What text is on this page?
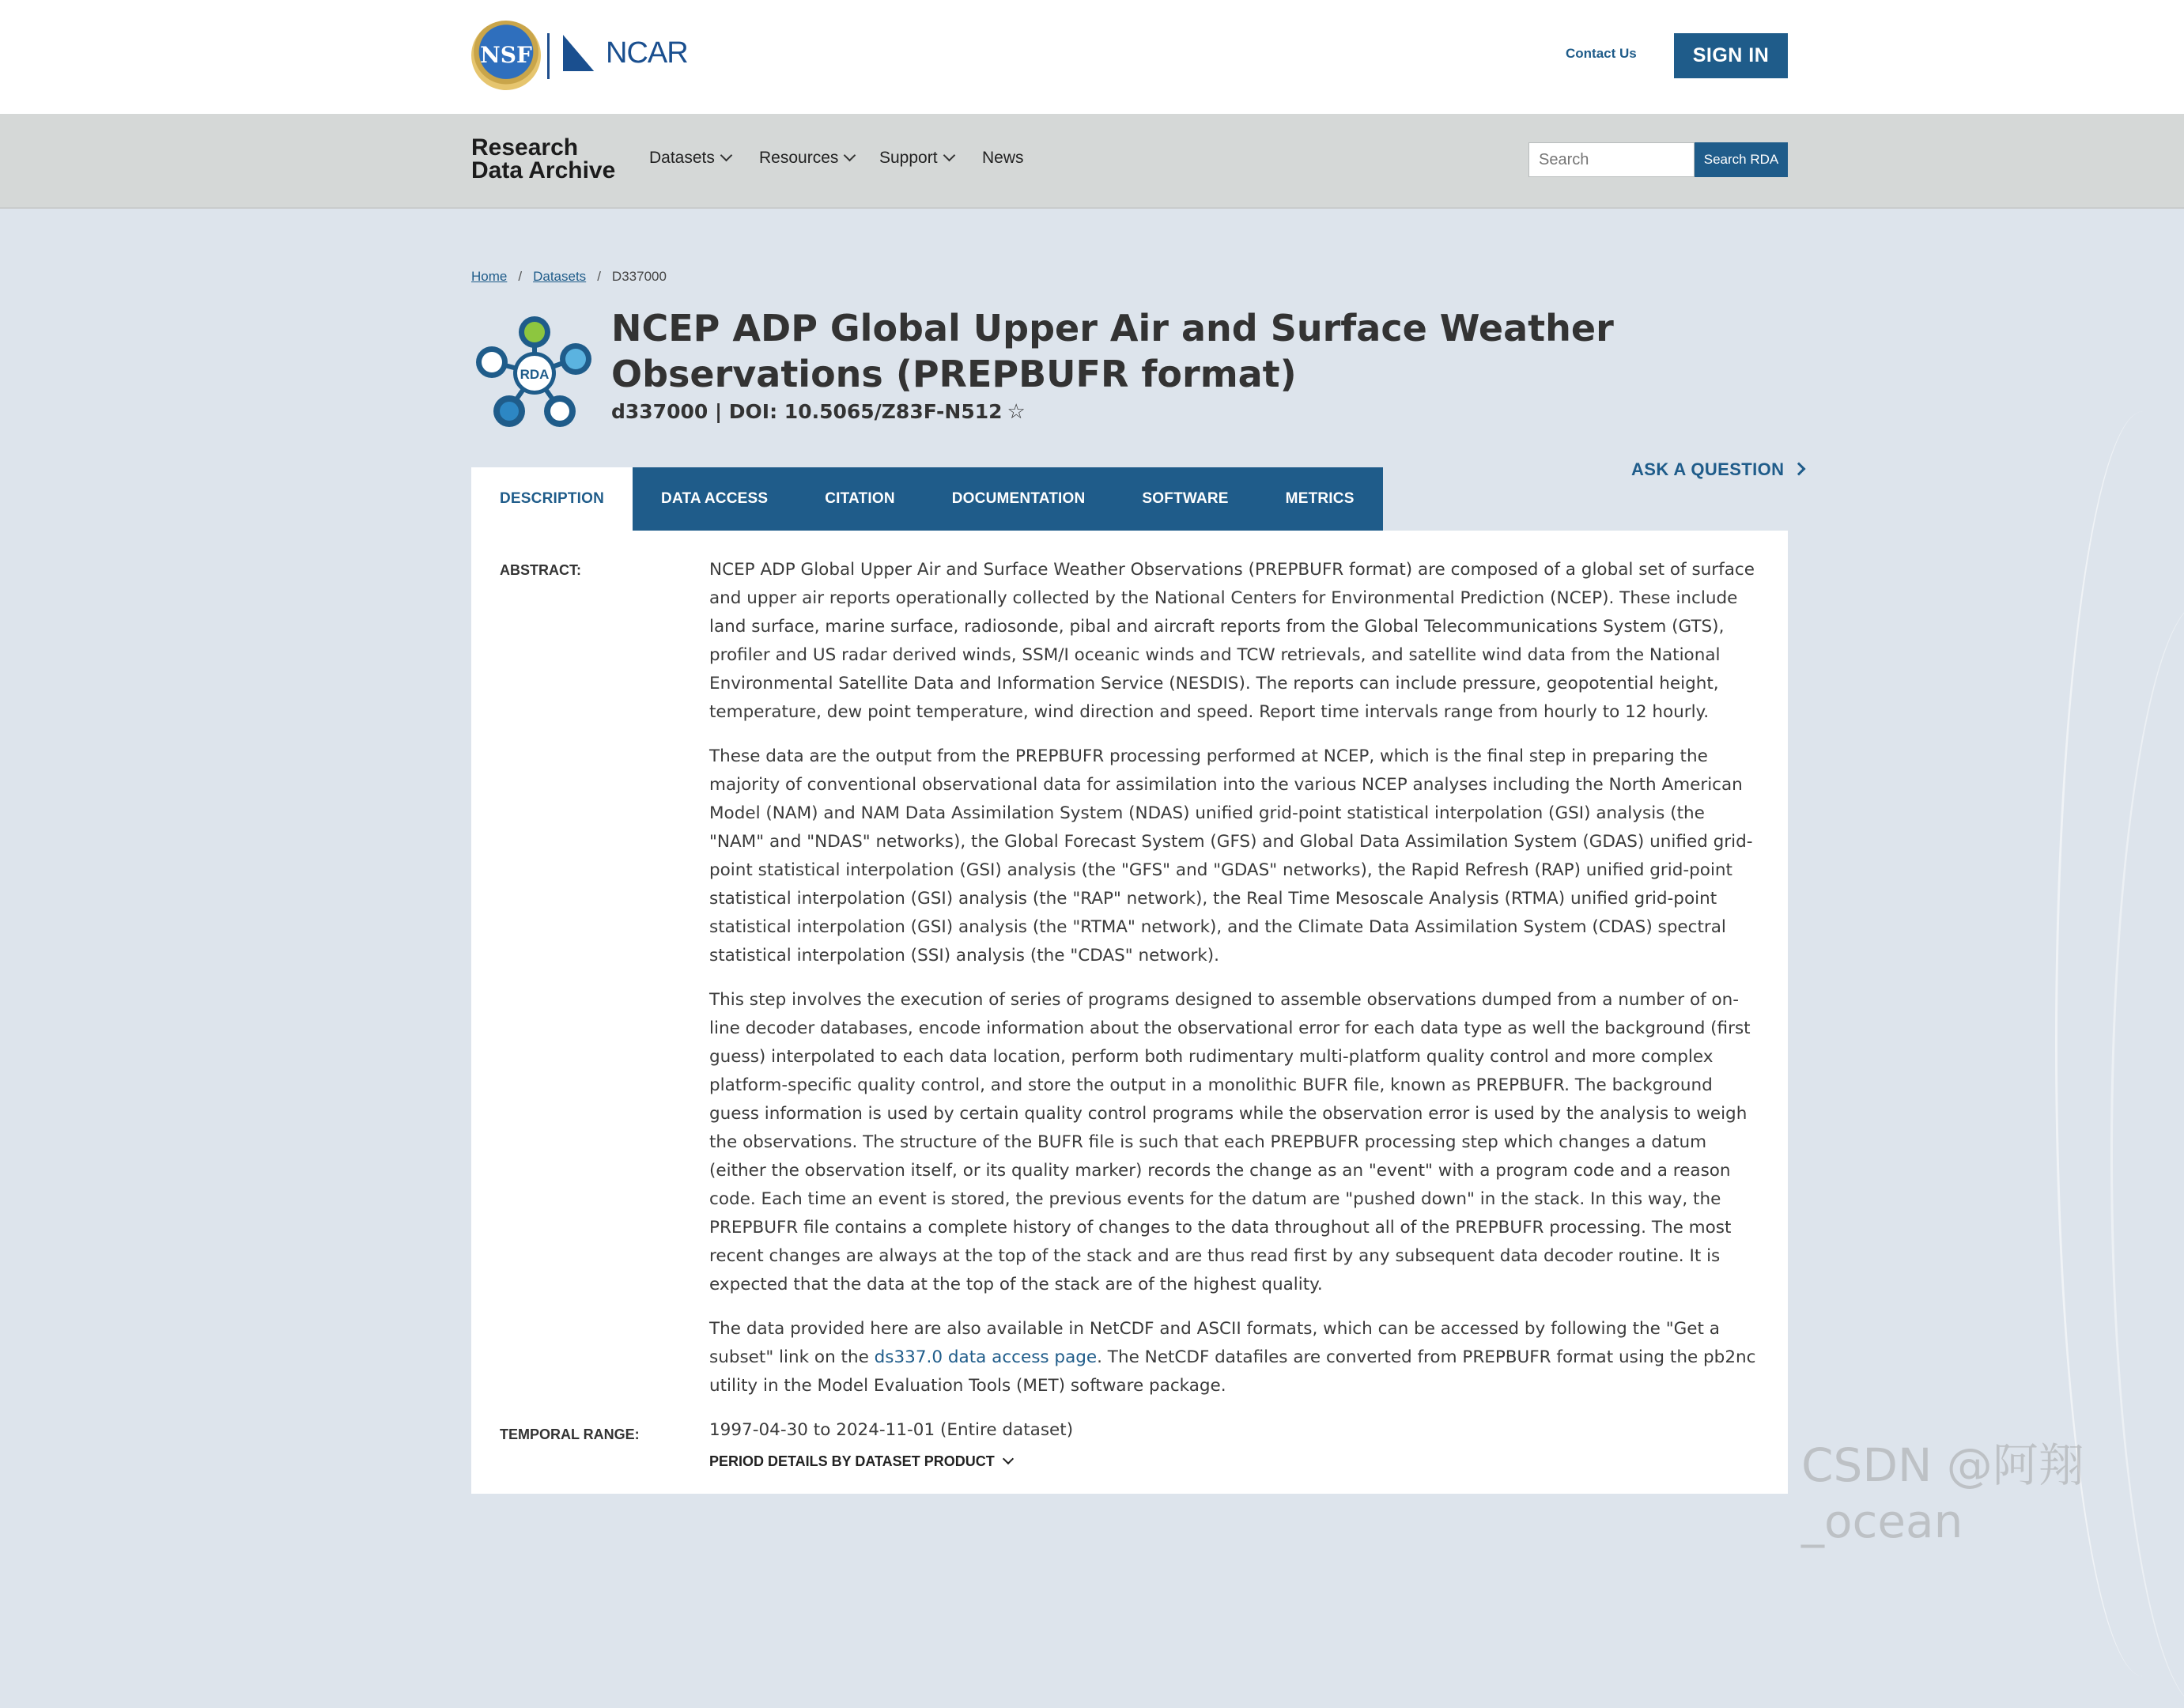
NSF NCAR	Contact Us	SIGN IN
Research
Data Archive Datasets	Resources	Support	News
Search	Search RDA
Home / Datasets / D337000
RDA
NCEP ADP Global Upper Air and Surface Weather Observations (PREPBUFR format)
d337000 | DOI: 10.5065/Z83F-N512 ☆
ASK A QUESTION
DESCRIPTION	DATA ACCESS	CITATION	DOCUMENTATION	SOFTWARE	METRICS
ABSTRACT:	NCEP ADP Global Upper Air and Surface Weather Observations (PREPBUFR format) are composed of a global set of surface and upper air reports operationally collected by the National Centers for Environmental Prediction (NCEP). These include land surface, marine surface, radiosonde, pibal and aircraft reports from the Global Telecommunications System (GTS), profiler and US radar derived winds, SSM/I oceanic winds and TCW retrievals, and satellite wind data from the National Environmental Satellite Data and Information Service (NESDIS). The reports can include pressure, geopotential height, temperature, dew point temperature, wind direction and speed. Report time intervals range from hourly to 12 hourly.

These data are the output from the PREPBUFR processing performed at NCEP, which is the final step in preparing the majority of conventional observational data for assimilation into the various NCEP analyses including the North American Model (NAM) and NAM Data Assimilation System (NDAS) unified grid-point statistical interpolation (GSI) analysis (the "NAM" and "NDAS" networks), the Global Forecast System (GFS) and Global Data Assimilation System (GDAS) unified grid-point statistical interpolation (GSI) analysis (the "GFS" and "GDAS" networks), the Rapid Refresh (RAP) unified grid-point statistical interpolation (GSI) analysis (the "RAP" network), the Real Time Mesoscale Analysis (RTMA) unified grid-point statistical interpolation (GSI) analysis (the "RTMA" network), and the Climate Data Assimilation System (CDAS) spectral statistical interpolation (SSI) analysis (the "CDAS" network).

This step involves the execution of series of programs designed to assemble observations dumped from a number of on-line decoder databases, encode information about the observational error for each data type as well the background (first guess) interpolated to each data location, perform both rudimentary multi-platform quality control and more complex platform-specific quality control, and store the output in a monolithic BUFR file, known as PREPBUFR. The background guess information is used by certain quality control programs while the observation error is used by the analysis to weigh the observations. The structure of the BUFR file is such that each PREPBUFR processing step which changes a datum (either the observation itself, or its quality marker) records the change as an "event" with a program code and a reason code. Each time an event is stored, the previous events for the datum are "pushed down" in the stack. In this way, the PREPBUFR file contains a complete history of changes to the data throughout all of the PREPBUFR processing. The most recent changes are always at the top of the stack and are thus read first by any subsequent data decoder routine. It is expected that the data at the top of the stack are of the highest quality.

The data provided here are also available in NetCDF and ASCII formats, which can be accessed by following the "Get a subset" link on the ds337.0 data access page. The NetCDF datafiles are converted from PREPBUFR format using the pb2nc utility in the Model Evaluation Tools (MET) software package.

TEMPORAL RANGE:	1997-04-30 to 2024-11-01 (Entire dataset)
PERIOD DETAILS BY DATASET PRODUCT	CSDN @阿翔_ocean
